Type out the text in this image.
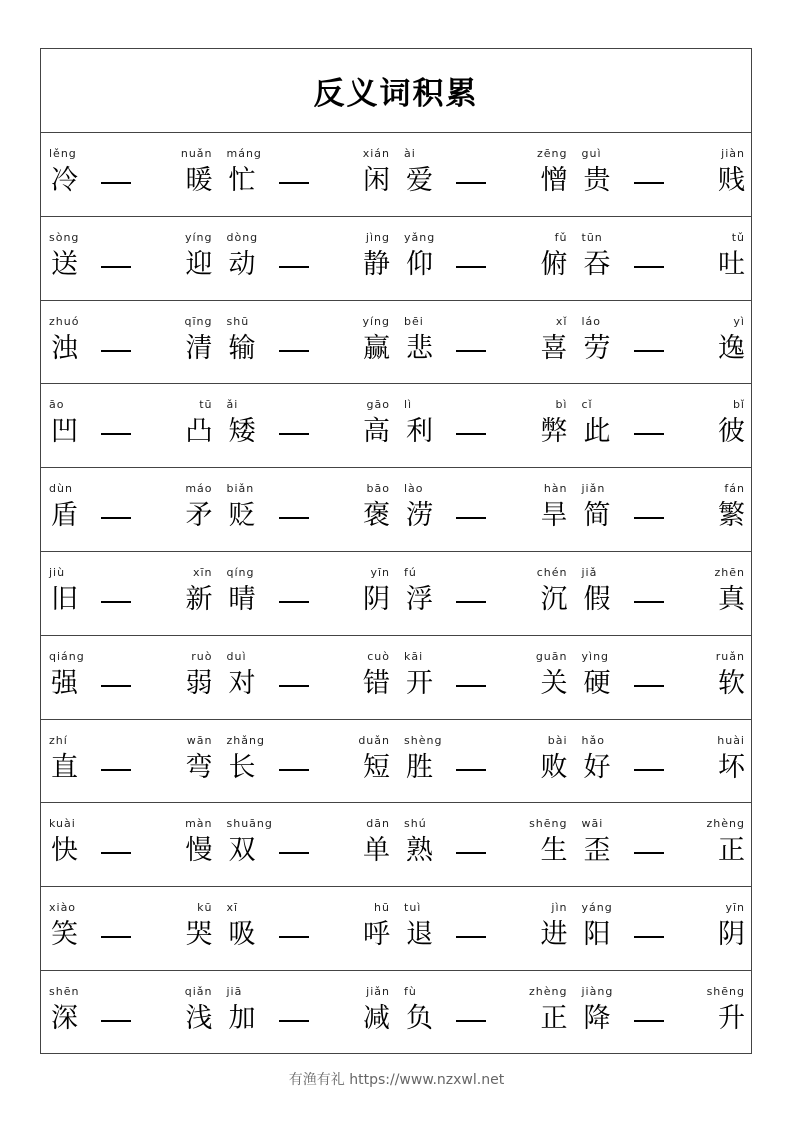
反义词积累
lěng	nuǎn
冷	暖
máng	xián
忙	闲
ài	zēng
爱	憎
guì	jiàn
贵	贱
sòng	yíng
送	迎
dòng	jìng
动	静
yǎng	fǔ
仰	俯
tūn	tǔ
吞	吐
zhuó	qīng
浊	清
shū	yíng
输	赢
bēi	xǐ
悲	喜
láo	yì
劳	逸
āo	tū
凹	凸
ǎi	gāo
矮	高
lì	bì
利	弊
cǐ	bǐ
此	彼
dùn	máo
盾	矛
biǎn	bāo
贬	褒
lào	hàn
涝	旱
jiǎn	fán
简	繁
jiù	xīn
旧	新
qíng	yīn
晴	阴
fú	chén
浮	沉
jiǎ	zhēn
假	真
qiáng	ruò
强	弱
duì	cuò
对	错
kāi	guān
开	关
yìng	ruǎn
硬	软
zhí	wān
直	弯
zhǎng	duǎn
长	短
shèng	bài
胜	败
hǎo	huài
好	坏
kuài	màn
快	慢
shuāng	dān
双	单
shú	shēng
熟	生
wāi	zhèng
歪	正
xiào	kū
笑	哭
xī	hū
吸	呼
tuì	jìn
退	进
yáng	yīn
阳	阴
shēn	qiǎn
深	浅
jiā	jiǎn
加	减
fù	zhèng
负	正
jiàng	shēng
降	升
有渔有礼 https://www.nzxwl.net
